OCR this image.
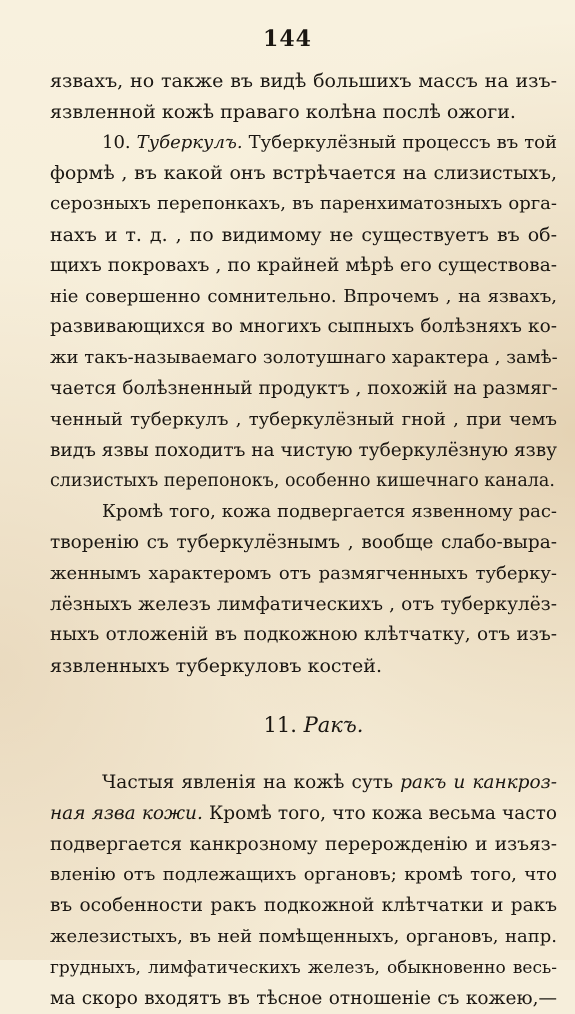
144
язвахъ, но также въ видѣ большихъ массъ на изъ-
язвленной кожѣ праваго колѣна послѣ ожоги.
10. Туберкулъ. Туберкулёзный процессъ въ той
формѣ , въ какой онъ встрѣчается на слизистыхъ,
серозныхъ перепонкахъ, въ паренхиматозныхъ орга-
нахъ и т. д. , по видимому не существуетъ въ об-
щихъ покровахъ , по крайней мѣрѣ его существова-
ніе совершенно сомнительно. Впрочемъ , на язвахъ,
развивающихся во многихъ сыпныхъ болѣзняхъ ко-
жи такъ-называемаго золотушнаго характера , замѣ-
чается болѣзненный продуктъ , похожій на размяг-
ченный туберкулъ , туберкулёзный гной , при чемъ
видъ язвы походитъ на чистую туберкулёзную язву
слизистыхъ перепонокъ, особенно кишечнаго канала.
Кромѣ того, кожа подвергается язвенному рас-
творенію съ туберкулёзнымъ , вообще слабо-выра-
женнымъ характеромъ отъ размягченныхъ туберку-
лёзныхъ железъ лимфатическихъ , отъ туберкулёз-
ныхъ отложеній въ подкожною клѣтчатку, отъ изъ-
язвленныхъ туберкуловъ костей.
11. Ракъ.
Частыя явленія на кожѣ суть ракъ и канкроз-
ная язва кожи. Кромѣ того, что кожа весьма часто
подвергается канкрозному перерожденію и изъяз-
вленію отъ подлежащихъ органовъ; кромѣ того, что
въ особенности ракъ подкожной клѣтчатки и ракъ
железистыхъ, въ ней помѣщенныхъ, органовъ, напр.
грудныхъ, лимфатическихъ железъ, обыкновенно весь-
ма скоро входятъ въ тѣсное отношеніе съ кожею,—
